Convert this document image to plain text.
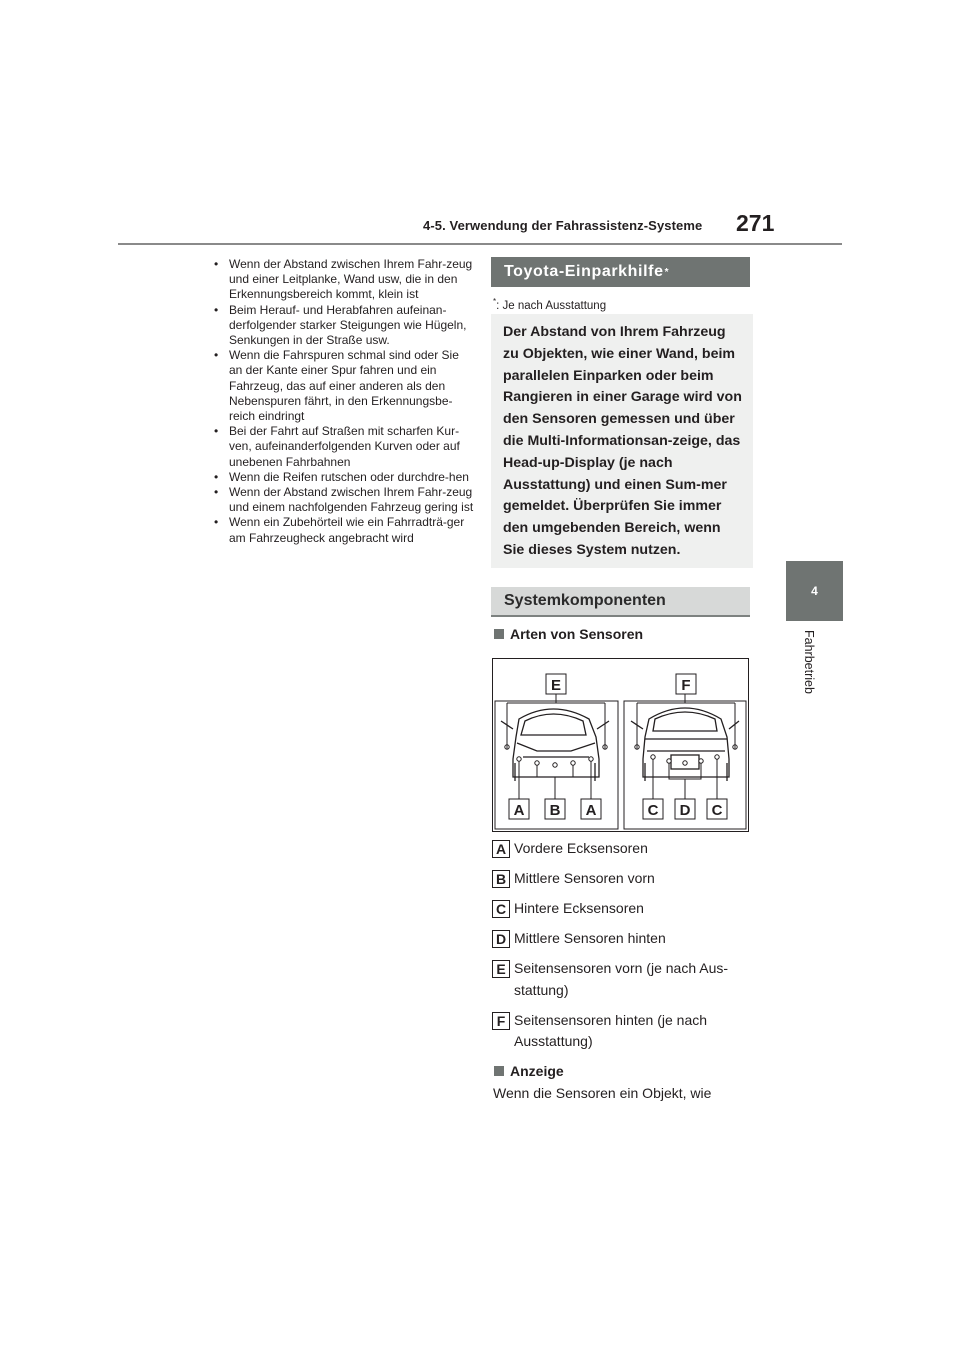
4-5. Verwendung der Fahrassistenz-Systeme 271
4
Fahrbetrieb
• Wenn der Abstand zwischen Ihrem Fahr-zeug und einer Leitplanke, Wand usw, die in den Erkennungsbereich kommt, klein ist
• Beim Herauf- und Herabfahren aufeinan-derfolgender starker Steigungen wie Hügeln, Senkungen in der Straße usw.
• Wenn die Fahrspuren schmal sind oder Sie an der Kante einer Spur fahren und ein Fahrzeug, das auf einer anderen als den Nebenspuren fährt, in den Erkennungsbe-reich eindringt
• Bei der Fahrt auf Straßen mit scharfen Kur-ven, aufeinanderfolgenden Kurven oder auf unebenen Fahrbahnen
• Wenn die Reifen rutschen oder durchdre-hen
• Wenn der Abstand zwischen Ihrem Fahr-zeug und einem nachfolgenden Fahrzeug gering ist
• Wenn ein Zubehörteil wie ein Fahrradträ-ger am Fahrzeugheck angebracht wird
Toyota-Einparkhilfe *
*: Je nach Ausstattung
Der Abstand von Ihrem Fahrzeug zu Objekten, wie einer Wand, beim parallelen Einparken oder beim Rangieren in einer Garage wird von den Sensoren gemessen und über die Multi-Informationsan-zeige, das Head-up-Display (je nach Ausstattung) und einen Sum-mer gemeldet. Überprüfen Sie immer den umgebenden Bereich, wenn Sie dieses System nutzen.
Systemkomponenten
Arten von Sensoren
E	F
A B A	C D C
A Vordere Ecksensoren
B Mittlere Sensoren vorn
C Hintere Ecksensoren
D Mittlere Sensoren hinten
E Seitensensoren vorn (je nach Aus-stattung)
F Seitensensoren hinten (je nach Ausstattung)
Anzeige
Wenn die Sensoren ein Objekt, wie
